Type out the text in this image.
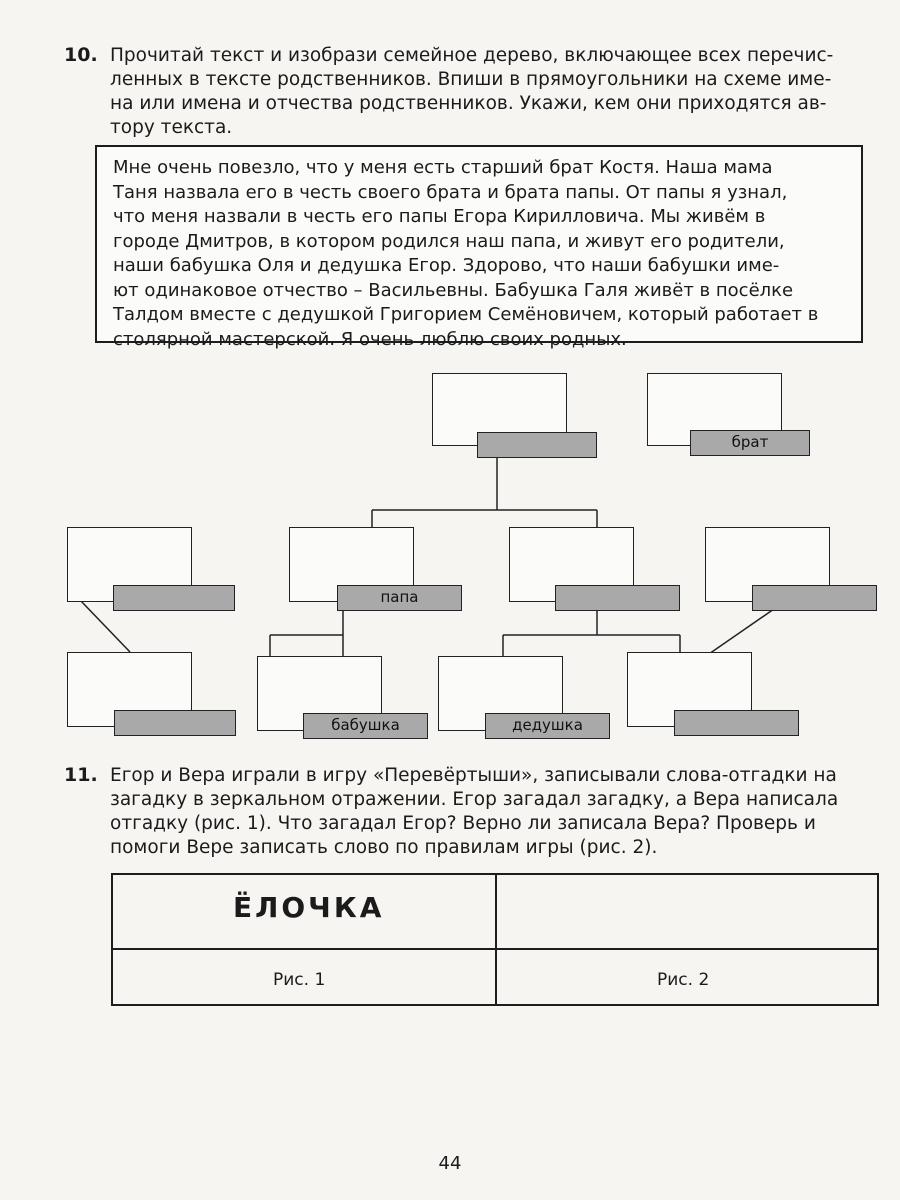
10. Прочитай текст и изобрази семейное дерево, включающее всех перечис-
ленных в тексте родственников. Впиши в прямоугольники на схеме име-
на или имена и отчества родственников. Укажи, кем они приходятся ав-
тору текста.
Мне очень повезло, что у меня есть старший брат Костя. Наша мама
Таня назвала его в честь своего брата и брата папы. От папы я узнал,
что меня назвали в честь его папы Егора Кирилловича. Мы живём в
городе Дмитров, в котором родился наш папа, и живут его родители,
наши бабушка Оля и дедушка Егор. Здорово, что наши бабушки име-
ют одинаковое отчество – Васильевны. Бабушка Галя живёт в посёлке
Талдом вместе с дедушкой Григорием Семёновичем, который работает в
столярной мастерской. Я очень люблю своих родных.
брат
папа
бабушка	дедушка
11. Егор и Вера играли в игру «Перевёртыши», записывали слова-отгадки на
загадку в зеркальном отражении. Егор загадал загадку, а Вера написала
отгадку (рис. 1). Что загадал Егор? Верно ли записала Вера? Проверь и
помоги Вере записать слово по правилам игры (рис. 2).
ЁЛОЧКА
Рис. 1	Рис. 2
44
